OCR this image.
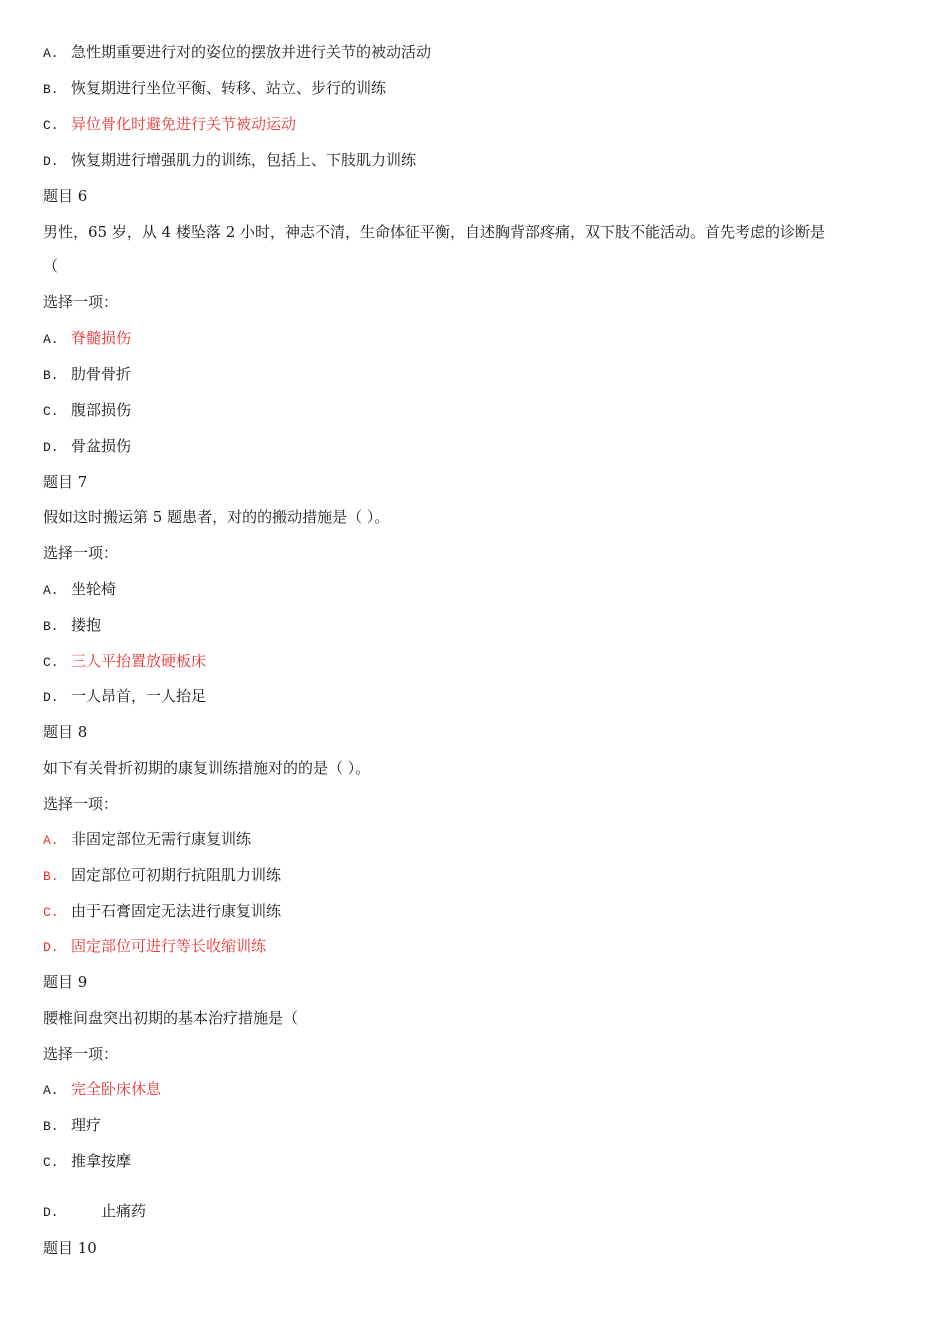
A. 急性期重要进行对的姿位的摆放并进行关节的被动活动
B. 恢复期进行坐位平衡、转移、站立、步行的训练
C. 异位骨化时避免进行关节被动运动
D. 恢复期进行增强肌力的训练，包括上、下肢肌力训练
题目 6
男性，65 岁，从 4 楼坠落 2 小时，神志不清，生命体征平衡，自述胸背部疼痛，双下肢不能活动。首先考虑的诊断是
（
选择一项：
A. 脊髓损伤
B. 肋骨骨折
C. 腹部损伤
D. 骨盆损伤
题目 7
假如这时搬运第 5 题患者，对的的搬动措施是（ ）。
选择一项：
A. 坐轮椅
B. 搂抱
C. 三人平抬置放硬板床
D. 一人昂首，一人抬足
题目 8
如下有关骨折初期的康复训练措施对的的是（ ）。
选择一项：
A. 非固定部位无需行康复训练
B. 固定部位可初期行抗阻肌力训练
C. 由于石膏固定无法进行康复训练
D. 固定部位可进行等长收缩训练
题目 9
腰椎间盘突出初期的基本治疗措施是（
选择一项：
A. 完全卧床休息
B. 理疗
C. 推拿按摩
D.	止痛药
题目 10
